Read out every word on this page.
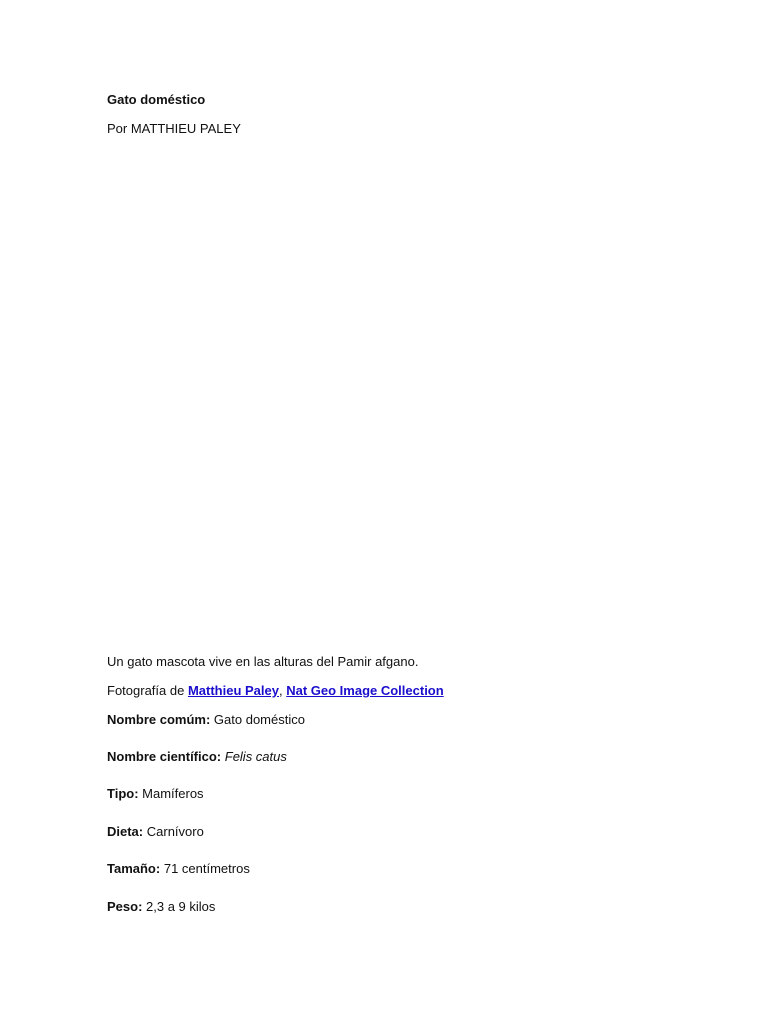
Gato doméstico
Por MATTHIEU PALEY
Un gato mascota vive en las alturas del Pamir afgano.
Fotografía de Matthieu Paley, Nat Geo Image Collection
Nombre comúm: Gato doméstico
Nombre científico: Felis catus
Tipo: Mamíferos
Dieta: Carnívoro
Tamaño: 71 centímetros
Peso: 2,3 a 9 kilos
